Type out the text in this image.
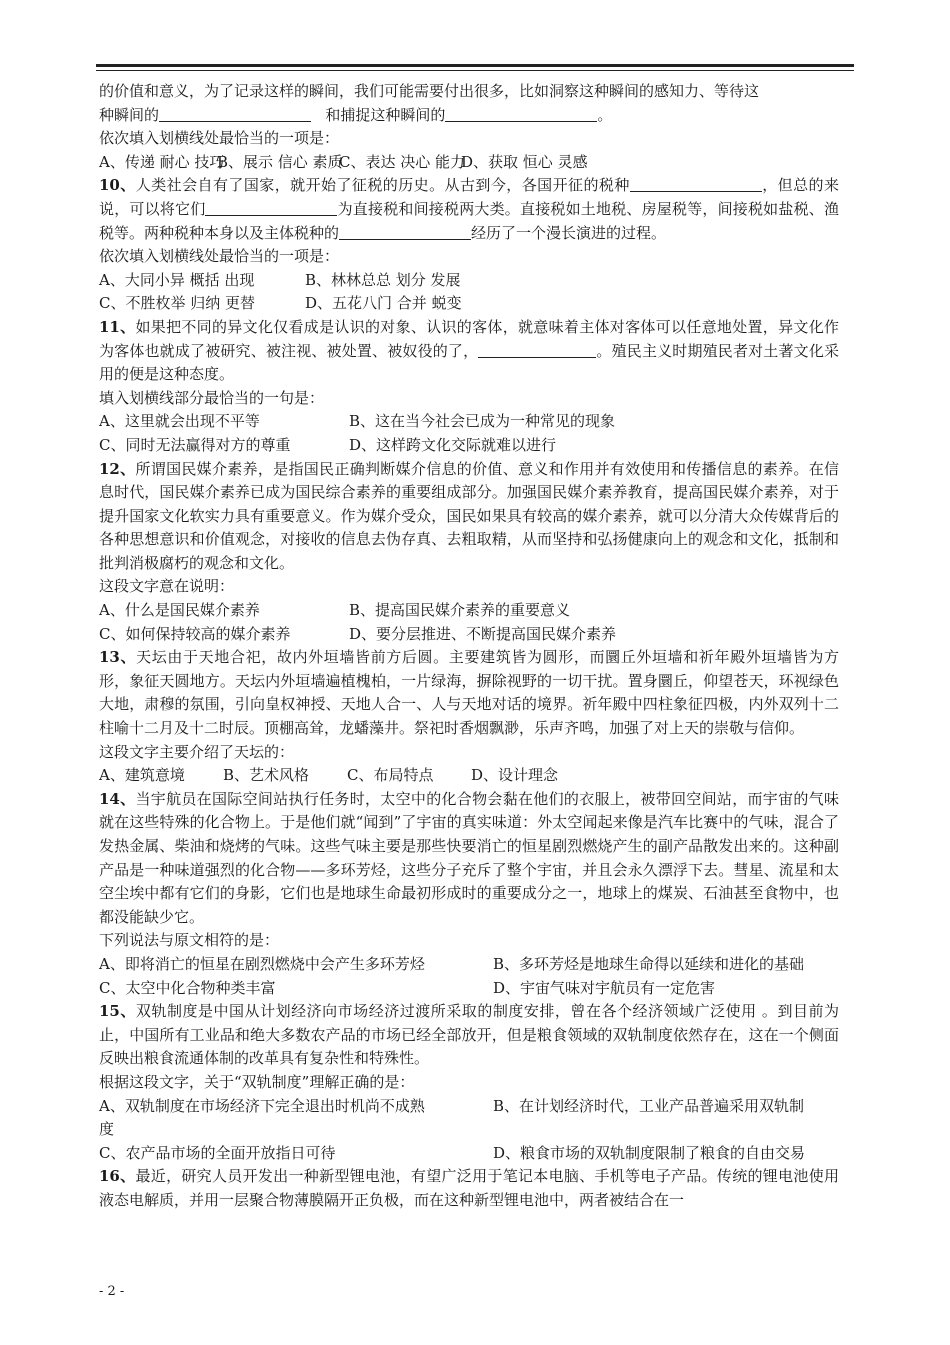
的价值和意义，为了记录这样的瞬间，我们可能需要付出很多，比如洞察这种瞬间的感知力、等待这

种瞬间的	和捕捉这种瞬间的	。

依次填入划横线处最恰当的一项是：

A、传递 耐心 技巧B、展示 信心 素质C、表达 决心 能力D、获取 恒心 灵感

10、人类社会自有了国家，就开始了征税的历史。从古到今，各国开征的税种	，但总的来说，可以将它们	为直接税和间接税两大类。直接税如土地税、房屋税等，间接税如盐税、渔税等。两种税种本身以及主体税种的	经历了一个漫长演进的过程。

依次填入划横线处最恰当的一项是：

A、大同小异 概括 出现	B、林林总总 划分 发展

C、不胜枚举 归纳 更替	D、五花八门 合并 蜕变

11、如果把不同的异文化仅看成是认识的对象、认识的客体，就意味着主体对客体可以任意地处置，异文化作为客体也就成了被研究、被注视、被处置、被奴役的了，	。殖民主义时期殖民者对土著文化采用的便是这种态度。

填入划横线部分最恰当的一句是：

A、这里就会出现不平等	B、这在当今社会已成为一种常见的现象

C、同时无法赢得对方的尊重	D、这样跨文化交际就难以进行

12、所谓国民媒介素养，是指国民正确判断媒介信息的价值、意义和作用并有效使用和传播信息的素养。在信息时代，国民媒介素养已成为国民综合素养的重要组成部分。加强国民媒介素养教育，提高国民媒介素养，对于提升国家文化软实力具有重要意义。作为媒介受众，国民如果具有较高的媒介素养，就可以分清大众传媒背后的各种思想意识和价值观念，对接收的信息去伪存真、去粗取精，从而坚持和弘扬健康向上的观念和文化，抵制和批判消极腐朽的观念和文化。

这段文字意在说明：

A、什么是国民媒介素养	B、提高国民媒介素养的重要意义

C、如何保持较高的媒介素养	D、要分层推进、不断提高国民媒介素养

13、天坛由于天地合祀，故内外垣墙皆前方后圆。主要建筑皆为圆形，而圜丘外垣墙和祈年殿外垣墙皆为方形，象征天圆地方。天坛内外垣墙遍植槐柏，一片绿海，摒除视野的一切干扰。置身圜丘，仰望苍天，环视绿色大地，肃穆的氛围，引向皇权神授、天地人合一、人与天地对话的境界。祈年殿中四柱象征四极，内外双列十二柱喻十二月及十二时辰。顶棚高耸，龙蟠藻井。祭祀时香烟飘渺，乐声齐鸣，加强了对上天的崇敬与信仰。

这段文字主要介绍了天坛的：

A、建筑意境	B、艺术风格	C、布局特点	D、设计理念

14、当宇航员在国际空间站执行任务时，太空中的化合物会黏在他们的衣服上，被带回空间站，而宇宙的气味就在这些特殊的化合物上。于是他们就“闻到”了宇宙的真实味道：外太空闻起来像是汽车比赛中的气味，混合了发热金属、柴油和烧烤的气味。这些气味主要是那些快要消亡的恒星剧烈燃烧产生的副产品散发出来的。这种副产品是一种味道强烈的化合物——多环芳烃，这些分子充斥了整个宇宙，并且会永久漂浮下去。彗星、流星和太空尘埃中都有它们的身影，它们也是地球生命最初形成时的重要成分之一，地球上的煤炭、石油甚至食物中，也都没能缺少它。

下列说法与原文相符的是：

A、即将消亡的恒星在剧烈燃烧中会产生多环芳烃	B、多环芳烃是地球生命得以延续和进化的基础

C、太空中化合物种类丰富	D、宇宙气味对宇航员有一定危害

15、双轨制度是中国从计划经济向市场经济过渡所采取的制度安排，曾在各个经济领域广泛使用 。到目前为止，中国所有工业品和绝大多数农产品的市场已经全部放开，但是粮食领域的双轨制度依然存在，这在一个侧面反映出粮食流通体制的改革具有复杂性和特殊性。

根据这段文字，关于“双轨制度”理解正确的是：

A、双轨制度在市场经济下完全退出时机尚不成熟	B、在计划经济时代，工业产品普遍采用双轨制

度

C、农产品市场的全面开放指日可待	D、粮食市场的双轨制度限制了粮食的自由交易

16、最近，研究人员开发出一种新型锂电池，有望广泛用于笔记本电脑、手机等电子产品。传统的锂电池使用液态电解质，并用一层聚合物薄膜隔开正负极，而在这种新型锂电池中，两者被结合在一

- 2 -
